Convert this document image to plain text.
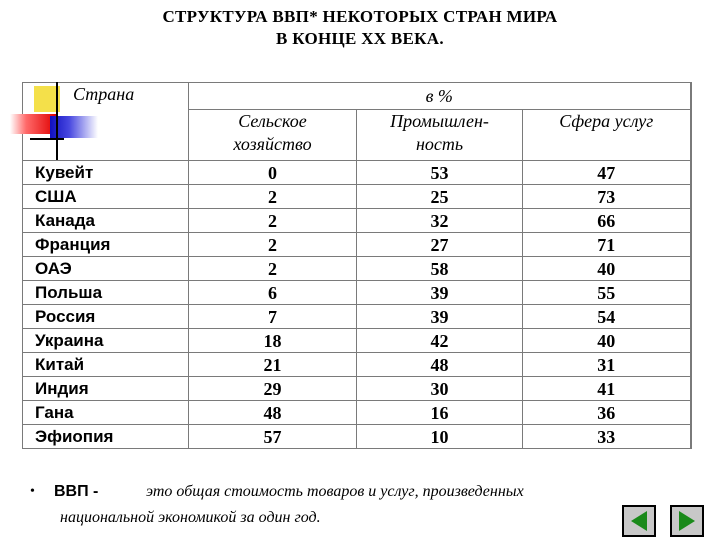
СТРУКТУРА ВВП* НЕКОТОРЫХ СТРАН МИРА
В КОНЦЕ XX ВЕКА.
Страна	в %		
	Сельское	Промышлен-	Сфера услуг
	хозяйство	ность	
Кувейт	0	53	47
США	2	25	73
Канада	2	32	66
Франция	2	27	71
ОАЭ	2	58	40
Польша	6	39	55
Россия	7	39	54
Украина	18	42	40
Китай	21	48	31
Индия	29	30	41
Гана	48	16	36
Эфиопия	57	10	33
• ВВП -	это общая стоимость товаров и услуг, произведенных
национальной экономикой за один год.
